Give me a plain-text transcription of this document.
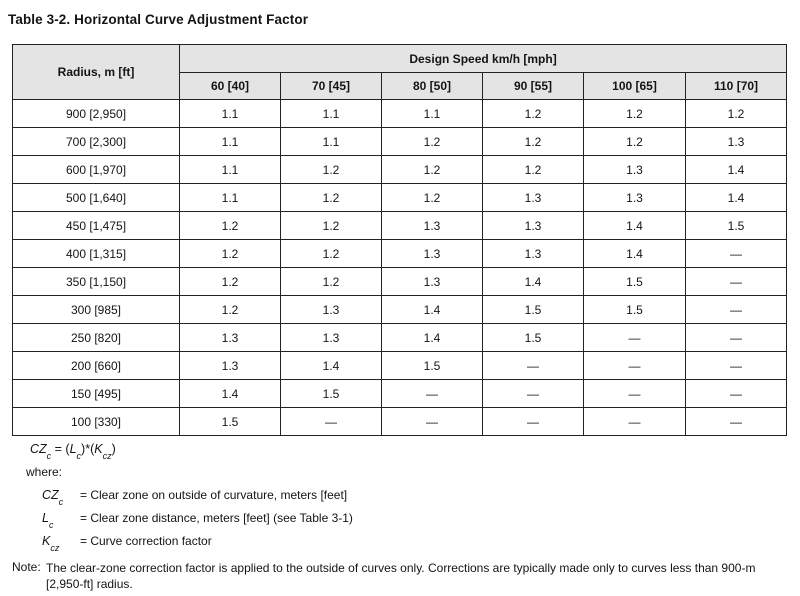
Table 3-2. Horizontal Curve Adjustment Factor
Radius, m [ft]	Design Speed km/h [mph]					
	60 [40]	70 [45]	80 [50]	90 [55]	100 [65]	110 [70]
900 [2,950]	1.1	1.1	1.1	1.2	1.2	1.2
700 [2,300]	1.1	1.1	1.2	1.2	1.2	1.3
600 [1,970]	1.1	1.2	1.2	1.2	1.3	1.4
500 [1,640]	1.1	1.2	1.2	1.3	1.3	1.4
450 [1,475]	1.2	1.2	1.3	1.3	1.4	1.5
400 [1,315]	1.2	1.2	1.3	1.3	1.4	—
350 [1,150]	1.2	1.2	1.3	1.4	1.5	—
300 [985]	1.2	1.3	1.4	1.5	1.5	—
250 [820]	1.3	1.3	1.4	1.5	—	—
200 [660]	1.3	1.4	1.5	—	—	—
150 [495]	1.4	1.5	—	—	—	—
100 [330]	1.5	—	—	—	—	—
$CZ_c = (L_c)*(K_{cz})$
where:
$CZ_c$	= Clear zone on outside of curvature, meters [feet]
$L_c$	= Clear zone distance, meters [feet] (see Table 3-1)
$K_{cz}$	= Curve correction factor
Note: The clear-zone correction factor is applied to the outside of curves only. Corrections are typically made only to curves less than 900-m [2,950-ft] radius.
